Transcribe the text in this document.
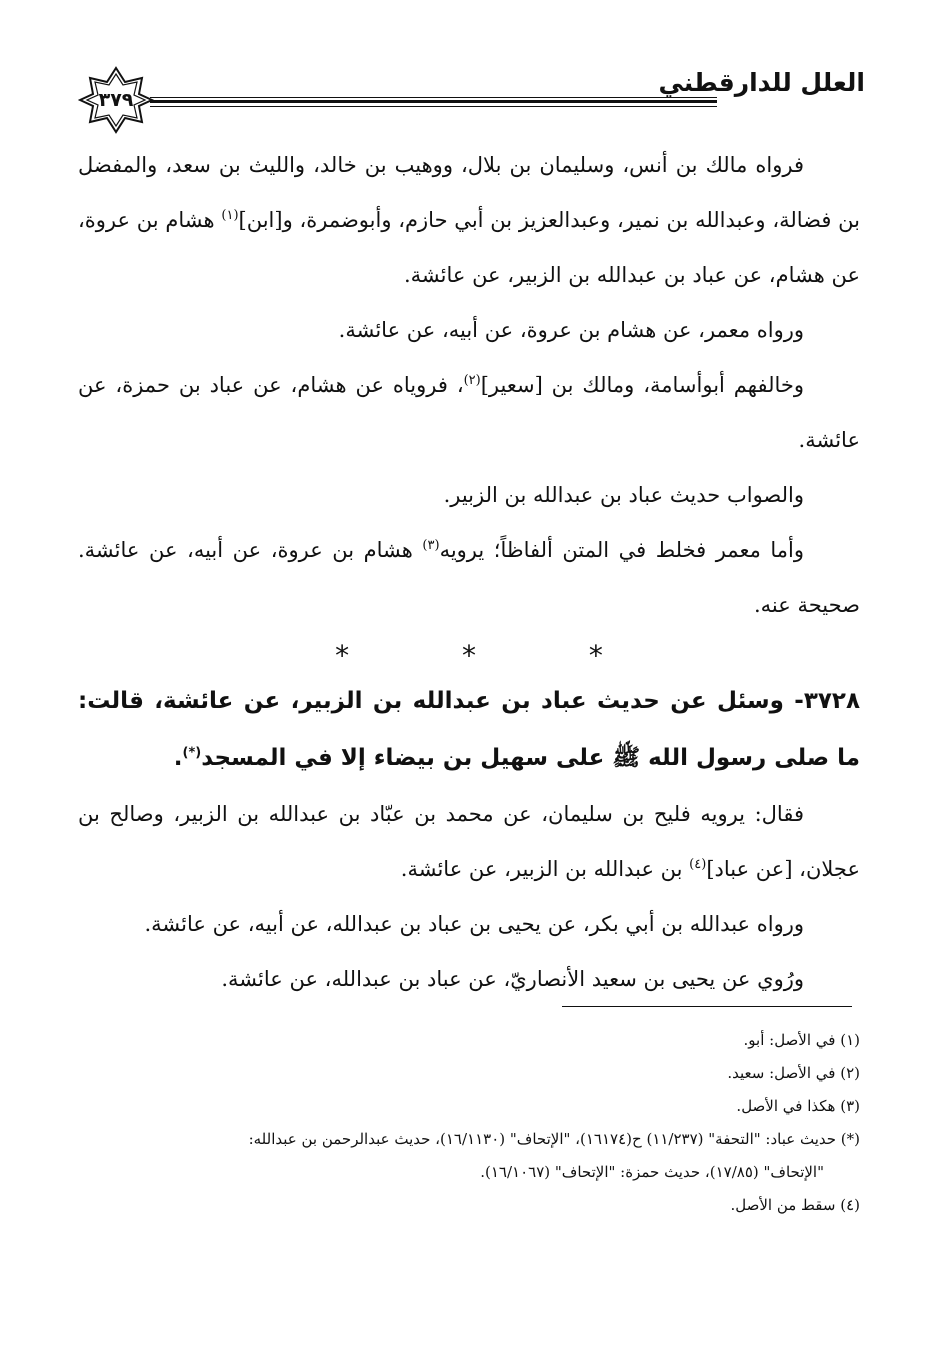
العلل للدارقطني
٣٧٩

فرواه مالك بن أنس، وسليمان بن بلال، ووهيب بن خالد، والليث بن سعد، والمفضل بن فضالة، وعبدالله بن نمير، وعبدالعزيز بن أبي حازم، وأبوضمرة، و[ابن]$^{(١)}$ هشام بن عروة، عن هشام، عن عباد بن عبدالله بن الزبير، عن عائشة.

ورواه معمر، عن هشام بن عروة، عن أبيه، عن عائشة.

وخالفهم أبوأسامة، ومالك بن [سعير]$^{(٢)}$، فروياه عن هشام، عن عباد بن حمزة، عن عائشة.

والصواب حديث عباد بن عبدالله بن الزبير.

وأما معمر فخلط في المتن ألفاظاً؛ يرويه$^{(٣)}$ هشام بن عروة، عن أبيه، عن عائشة. صحيحة عنه.

* * *

٣٧٢٨- وسئل عن حديث عباد بن عبدالله بن الزبير، عن عائشة، قالت: ما صلى رسول الله ﷺ على سهيل بن بيضاء إلا في المسجد(*).

فقال: يرويه فليح بن سليمان، عن محمد بن عبّاد بن عبدالله بن الزبير، وصالح بن عجلان، [عن عباد]$^{(٤)}$ بن عبدالله بن الزبير، عن عائشة.

ورواه عبدالله بن أبي بكر، عن يحيى بن عباد بن عبدالله، عن أبيه، عن عائشة.

ورُوي عن يحيى بن سعيد الأنصاريّ، عن عباد بن عبدالله، عن عائشة.

(١) في الأصل: أبو.

(٢) في الأصل: سعيد.

(٣) هكذا في الأصل.

(*) حديث عباد: "التحفة" (١١/٢٣٧) ح(١٦١٧٤)، "الإتحاف" (١٦/١١٣٠)، حديث عبدالرحمن بن عبدالله:

"الإتحاف" (١٧/٨٥)، حديث حمزة: "الإتحاف" (١٦/١٠٦٧).

(٤) سقط من الأصل.
